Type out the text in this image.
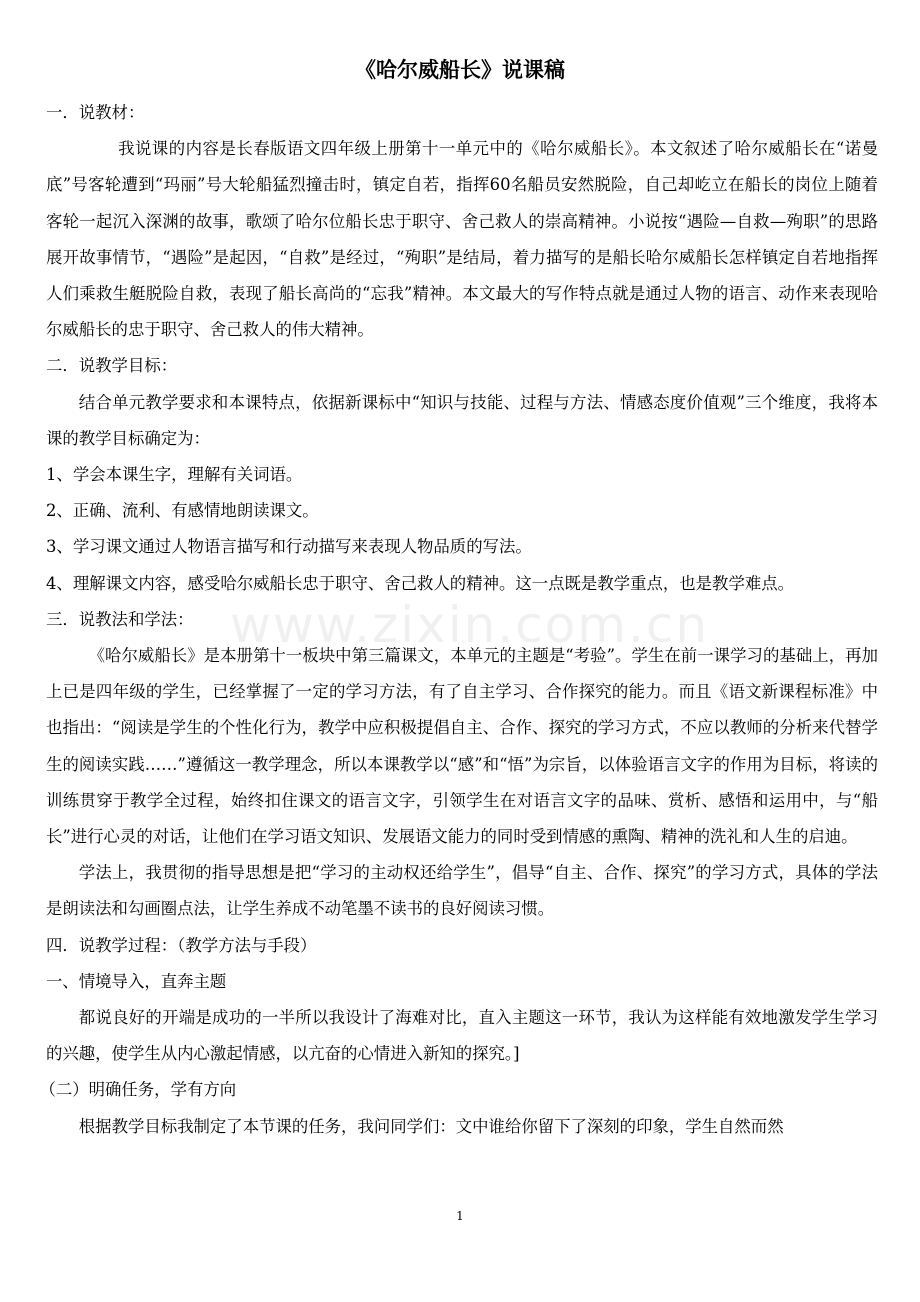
《哈尔威船长》说课稿

一．说教材：

我说课的内容是长春版语文四年级上册第十一单元中的《哈尔威船长》。本文叙述了哈尔威船长在“诺曼底”号客轮遭到“玛丽”号大轮船猛烈撞击时，镇定自若，指挥60名船员安然脱险，自己却屹立在船长的岗位上随着客轮一起沉入深渊的故事，歌颂了哈尔位船长忠于职守、舍己救人的崇高精神。小说按“遇险—自救—殉职”的思路展开故事情节，“遇险”是起因，“自救”是经过，“殉职”是结局，着力描写的是船长哈尔威船长怎样镇定自若地指挥人们乘救生艇脱险自救，表现了船长高尚的“忘我”精神。本文最大的写作特点就是通过人物的语言、动作来表现哈尔威船长的忠于职守、舍己救人的伟大精神。

二．说教学目标：

结合单元教学要求和本课特点，依据新课标中“知识与技能、过程与方法、情感态度价值观”三个维度，我将本课的教学目标确定为：

1、学会本课生字，理解有关词语。

2、正确、流利、有感情地朗读课文。

3、学习课文通过人物语言描写和行动描写来表现人物品质的写法。

4、理解课文内容，感受哈尔威船长忠于职守、舍己救人的精神。这一点既是教学重点，也是教学难点。

三．说教法和学法：

《哈尔威船长》是本册第十一板块中第三篇课文，本单元的主题是“考验”。学生在前一课学习的基础上，再加上已是四年级的学生，已经掌握了一定的学习方法，有了自主学习、合作探究的能力。而且《语文新课程标准》中也指出：“阅读是学生的个性化行为，教学中应积极提倡自主、合作、探究的学习方式，不应以教师的分析来代替学生的阅读实践……”遵循这一教学理念，所以本课教学以“感”和“悟”为宗旨，以体验语言文字的作用为目标，将读的训练贯穿于教学全过程，始终扣住课文的语言文字，引领学生在对语言文字的品味、赏析、感悟和运用中，与“船长”进行心灵的对话，让他们在学习语文知识、发展语文能力的同时受到情感的熏陶、精神的洗礼和人生的启迪。

学法上，我贯彻的指导思想是把“学习的主动权还给学生”，倡导“自主、合作、探究”的学习方式，具体的学法是朗读法和勾画圈点法，让学生养成不动笔墨不读书的良好阅读习惯。

四．说教学过程：（教学方法与手段）

一、情境导入，直奔主题

都说良好的开端是成功的一半所以我设计了海难对比，直入主题这一环节，我认为这样能有效地激发学生学习的兴趣，使学生从内心激起情感，以亢奋的心情进入新知的探究。]

（二）明确任务，学有方向

根据教学目标我制定了本节课的任务，我问同学们：文中谁给你留下了深刻的印象，学生自然而然

www.zixin.com.cn
1
